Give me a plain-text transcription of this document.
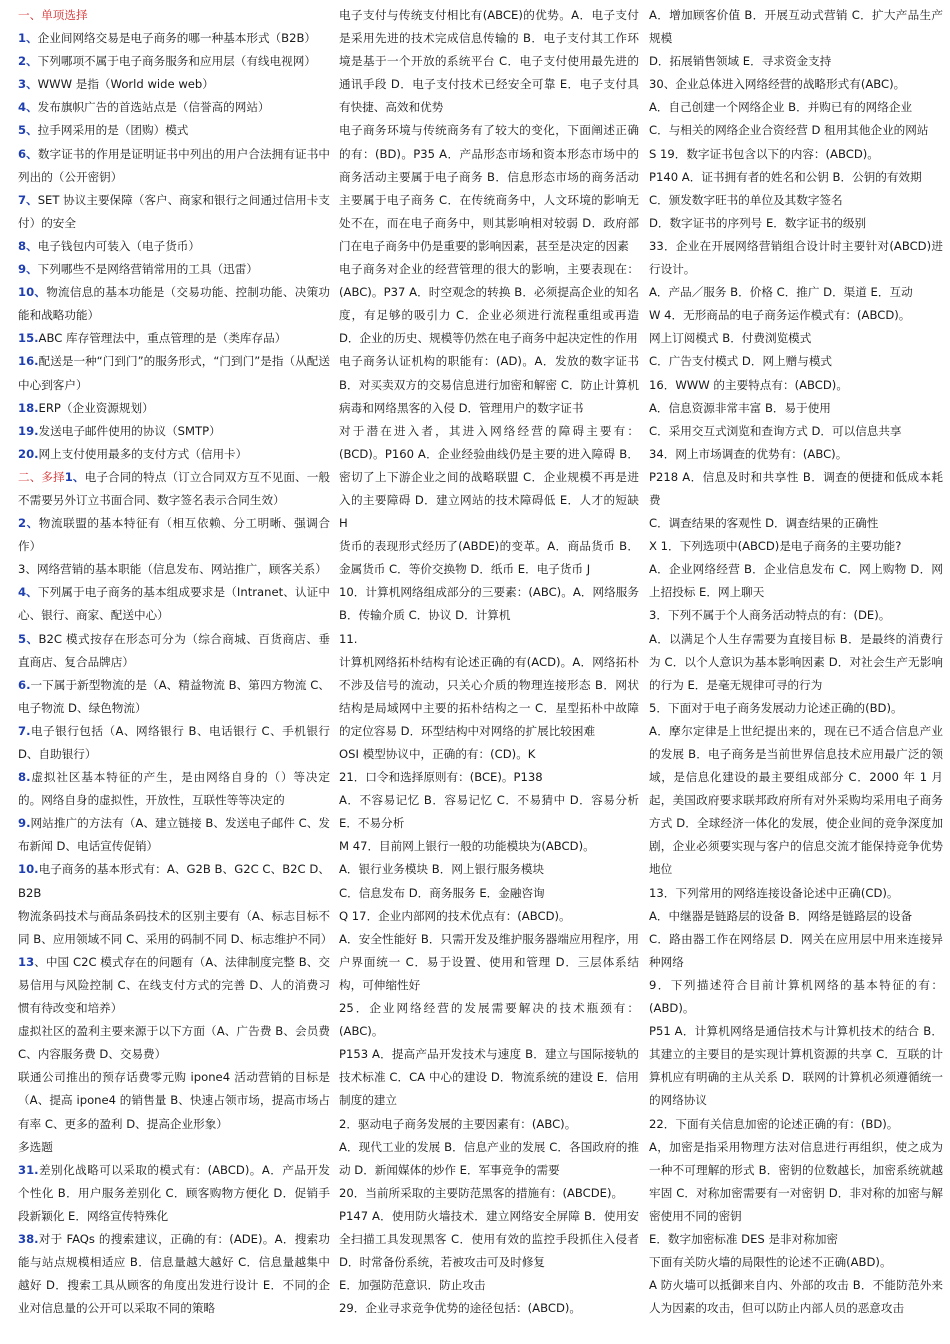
一、单项选择
1、企业间网络交易是电子商务的哪一种基本形式（B2B）
2、下列哪项不属于电子商务服务和应用层（有线电视网）
3、WWW 是指（World wide web）
4、发布旗帜广告的首选站点是（信誉高的网站）
5、拉手网采用的是（团购）模式
6、数字证书的作用是证明证书中列出的用户合法拥有证书中列出的（公开密钥）
7、SET 协议主要保障（客户、商家和银行之间通过信用卡支付）的安全
8、电子钱包内可装入（电子货币）
9、下列哪些不是网络营销常用的工具（迅雷）
10、物流信息的基本功能是（交易功能、控制功能、决策功能和战略功能）
15.ABC 库存管理法中，重点管理的是（类库存品）
16.配送是一种“门到门”的服务形式，“门到门”是指（从配送中心到客户）
18.ERP（企业资源规划）
19.发送电子邮件使用的协议（SMTP）
20.网上支付使用最多的支付方式（信用卡）
二、多择1、电子合同的特点（订立合同双方互不见面、一般不需要另外订立书面合同、数字签名表示合同生效）
2、物流联盟的基本特征有（相互依赖、分工明晰、强调合作）
3、网络营销的基本职能（信息发布、网站推广，顾客关系）
4、下列属于电子商务的基本组成要求是（Intranet、认证中心、银行、商家、配送中心）
5、B2C 模式按存在形态可分为（综合商城、百货商店、垂直商店、复合品牌店）
6.一下属于新型物流的是（A、精益物流 B、第四方物流 C、电子物流 D、绿色物流）
7.电子银行包括（A、网络银行 B、电话银行 C、手机银行 D、自助银行）
8.虚拟社区基本特征的产生，是由网络自身的（）等决定的。网络自身的虚拟性，开放性，互联性等等决定的
9.网站推广的方法有（A、建立链接 B、发送电子邮件 C、发布新闻 D、电话宣传促销）
10.电子商务的基本形式有：A、G2B B、G2C C、B2C D、B2B
物流条码技术与商品条码技术的区别主要有（A、标志目标不同 B、应用领域不同 C、采用的码制不同 D、标志维护不同）13、中国 C2C 模式存在的问题有（A、法律制度完整 B、交易信用与风险控制 C、在线支付方式的完善 D、人的消费习惯有待改变和培养）
虚拟社区的盈利主要来源于以下方面（A、广告费 B、会员费 C、内容服务费 D、交易费）
联通公司推出的预存话费零元购 ipone4 活动营销的目标是（A、提高 ipone4 的销售量 B、快速占领市场，提高市场占有率 C、更多的盈利 D、提高企业形象）
多选题
31.差别化战略可以采取的模式有：(ABCD)。A．产品开发个性化 B．用户服务差别化 C．顾客购物方便化 D．促销手段新颖化 E．网络宣传特殊化
38.对于 FAQs 的搜索建议，正确的有：(ADE)。A．搜索功能与站点规模相适应 B．信息量越大越好 C．信息量越集中越好 D．搜索工具从顾客的角度出发进行设计 E．不同的企业对信息量的公开可以采取不同的策略
电子支付与传统支付相比有(ABCE)的优势。A．电子支付是采用先进的技术完成信息传输的 B．电子支付其工作环境是基于一个开放的系统平台 C．电子支付使用最先进的通讯手段 D．电子支付技术已经安全可靠 E．电子支付具有快捷、高效和优势
电子商务环境与传统商务有了较大的变化，下面阐述正确的有：(BD)。P35 A．产品形态市场和资本形态市场中的商务活动主要属于电子商务 B．信息形态市场的商务活动主要属于电子商务 C．在传统商务中，人文环境的影响无处不在，而在电子商务中，则其影响相对较弱 D．政府部门在电子商务中仍是重要的影响因素，甚至是决定的因素
电子商务对企业的经营管理的很大的影响，主要表现在：(ABC)。P37 A．时空观念的转换 B．必须提高企业的知名度，有足够的吸引力 C．企业必须进行流程重组或再造 D．企业的历史、规模等仍然在电子商务中起决定性的作用
电子商务认证机构的职能有：(AD)。A．发放的数字证书 B．对买卖双方的交易信息进行加密和解密 C．防止计算机病毒和网络黑客的入侵 D．管理用户的数字证书
对于潜在进入者，其进入网络经营的障碍主要有：(BCD)。P160 A．企业经验曲线仍是主要的进入障碍 B．密切了上下游企业之间的战略联盟 C．企业规模不再是进入的主要障碍 D．建立网站的技术障碍低 E．人才的短缺 H
货币的表现形式经历了(ABDE)的变革。A．商品货币 B．金属货币 C．等价交换物 D．纸币 E．电子货币 J
10．计算机网络组成部分的三要素：(ABC)。A．网络服务 B．传输介质 C．协议 D．计算机
11.
计算机网络拓朴结构有论述正确的有(ACD)。A．网络拓朴不涉及信号的流动，只关心介质的物理连接形态 B．网状结构是局域网中主要的拓朴结构之一 C．星型拓朴中故障的定位容易 D．环型结构中对网络的扩展比较困难
OSI 模型协议中，正确的有：(CD)。K
21．口令和选择原则有：(BCE)。P138
A．不容易记忆 B．容易记忆 C．不易猜中 D．容易分析 E．不易分析
M 47．目前网上银行一般的功能模块为(ABCD)。
A．银行业务模块 B．网上银行服务模块
C．信息发布 D．商务服务 E．金融咨询
Q 17．企业内部网的技术优点有：(ABCD)。
A．安全性能好 B．只需开发及维护服务器端应用程序，用户界面统一 C．易于设置、使用和管理 D．三层体系结构，可伸缩性好
25．企业网络经营的发展需要解决的技术瓶颈有：(ABC)。
P153 A．提高产品开发技术与速度 B．建立与国际接轨的技术标准 C．CA 中心的建设 D．物流系统的建设 E．信用制度的建立
2．驱动电子商务发展的主要因素有：(ABC)。
A．现代工业的发展 B．信息产业的发展 C．各国政府的推动 D．新闻媒体的炒作 E．军事竞争的需要
20．当前所采取的主要防范黑客的措施有：(ABCDE)。
P147 A．使用防火墙技术．建立网络安全屏障 B．使用安全扫描工具发现黑客 C．使用有效的监控手段抓住入侵者 D．时常备份系统，若被攻击可及时修复
E．加强防范意识．防止攻击
29．企业寻求竞争优势的途径包括：(ABCD)。
A．增加顾客价值 B．开展互动式营销 C．扩大产品生产规模
D．拓展销售领域 E．寻求资金支持
30、企业总体进入网络经营的战略形式有(ABC)。
A．自己创建一个网络企业 B．并购已有的网络企业
C．与相关的网络企业合资经营 D 租用其他企业的网站
S 19．数字证书包含以下的内容：(ABCD)。
P140 A．证书拥有者的姓名和公钥 B．公钥的有效期
C．颁发数字旺书的单位及其数字签名
D．数字证书的序列号 E．数字证书的级别
33．企业在开展网络营销组合设计时主要针对(ABCD)进行设计。
A．产品／服务 B．价格 C．推广 D．渠道 E．互动
W 4．无形商品的电子商务运作模式有：(ABCD)。
网上订阅模式 B．付费浏览模式
C．广告支付模式 D．网上赠与模式
16．WWW 的主要特点有：(ABCD)。
A．信息资源非常丰富 B．易于使用
C．采用交互式浏览和查询方式 D．可以信息共享
34．网上市场调查的优势有：(ABC)。
P218 A．信息及时和共享性 B．调查的便捷和低成本耗费
C．调查结果的客观性 D．调查结果的正确性
X 1．下列选项中(ABCD)是电子商务的主要功能?
A．企业网络经营 B．企业信息发布 C．网上购物 D．网上招投标 E．网上聊天
3．下列不属于个人商务活动特点的有：(DE)。
A．以满足个人生存需要为直接目标 B．是最终的消费行为 C．以个人意识为基本影响因素 D．对社会生产无影响的行为 E．是毫无规律可寻的行为
5．下面对于电子商务发展动力论述正确的(BD)。
A．摩尔定律是上世纪提出来的，现在已不适合信息产业的发展 B．电子商务是当前世界信息技术应用最广泛的领域，是信息化建设的最主要组成部分 C．2000 年 1 月起，美国政府要求联邦政府所有对外采购均采用电子商务方式 D．全球经济一体化的发展，使企业间的竞争深度加剧，企业必须要实现与客户的信息交流才能保持竞争优势地位
13．下列常用的网络连接设备论述中正确(CD)。
A．中继器是链路层的设备 B．网络是链路层的设备
C．路由器工作在网络层 D．网关在应用层中用来连接异种网络
9．下列描述符合目前计算机网络的基本特征的有：(ABD)。
P51 A．计算机网络是通信技术与计算机技术的结合 B．其建立的主要目的是实现计算机资源的共享 C．互联的计算机应有明确的主从关系 D．联网的计算机必须遵循统一的网络协议
22．下面有关信息加密的论述正确的有：(BD)。
A，加密是指采用物理方法对信息进行再组织，使之成为一种不可理解的形式 B．密钥的位数越长，加密系统就越牢固 C．对称加密需要有一对密钥 D．非对称的加密与解密使用不同的密钥
E．数字加密标准 DES 是非对称加密
下面有关防火墙的局限性的论述不正确(ABD)。
A 防火墙可以抵御来自内、外部的攻击 B．不能防范外来人为因素的攻击，但可以防止内部人员的恶意攻击
